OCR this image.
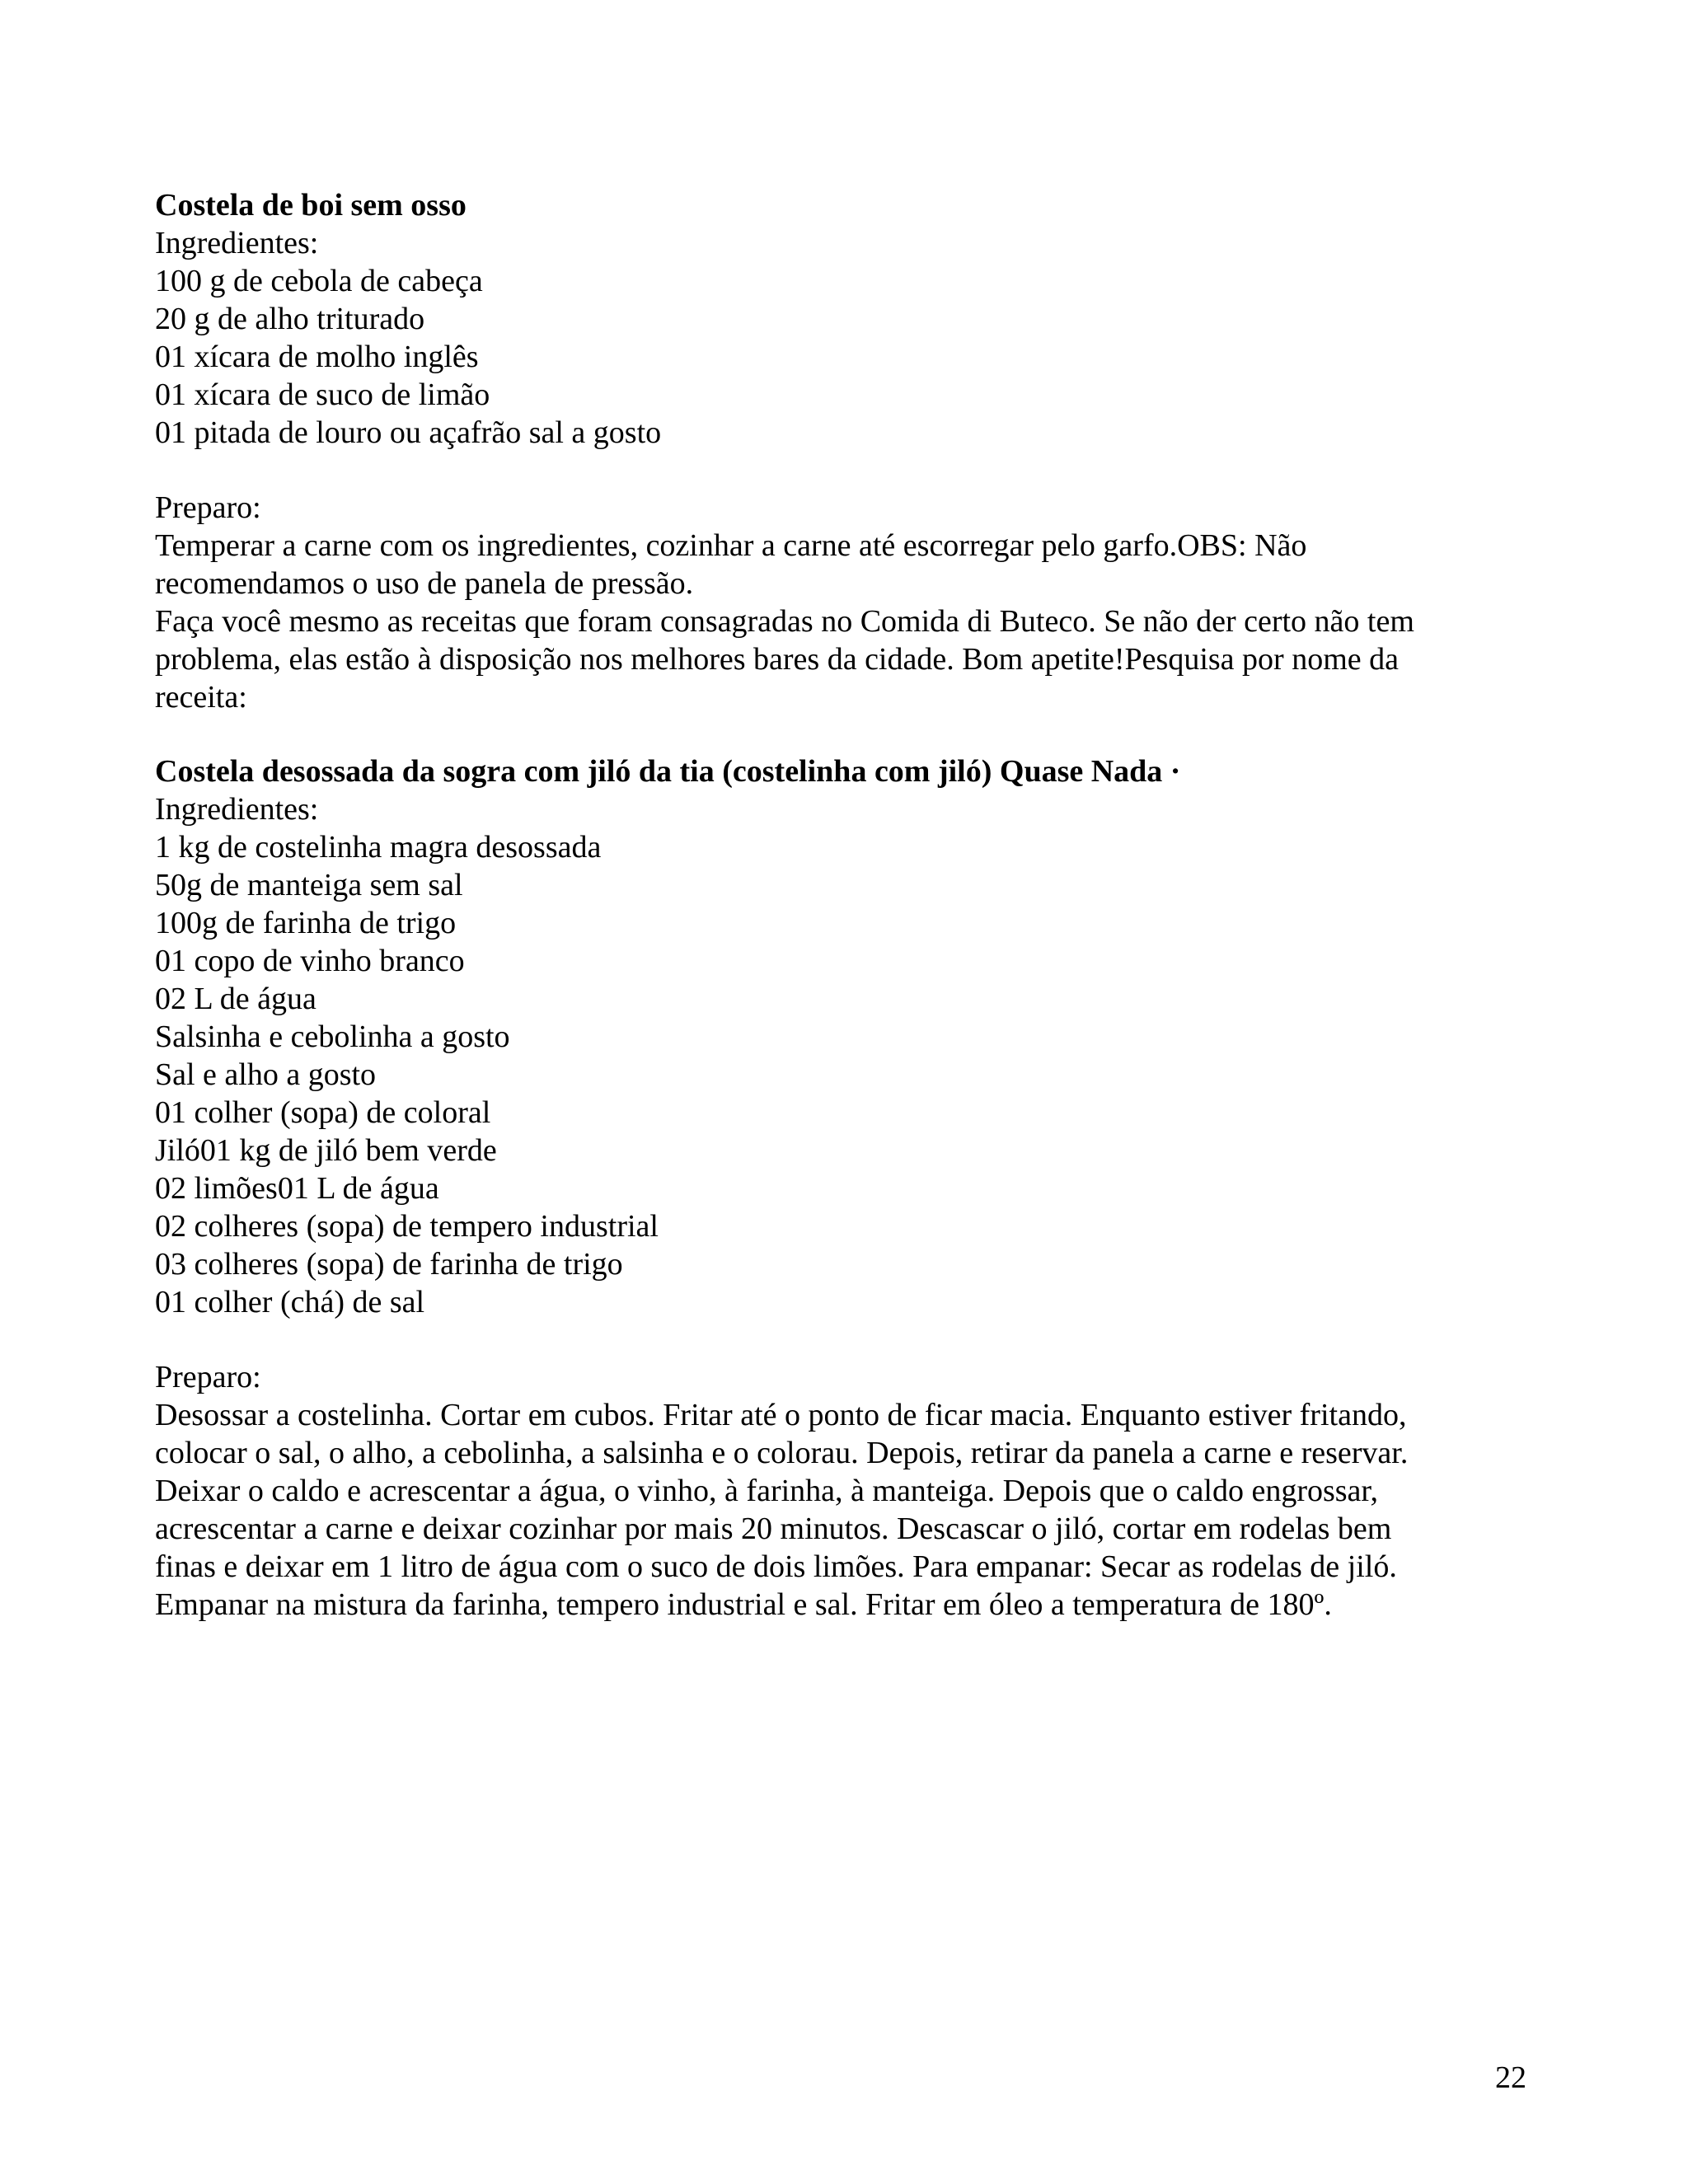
Costela de boi sem osso

Ingredientes:

100 g de cebola de cabeça

20 g de alho triturado

01 xícara de molho inglês

01 xícara de suco de limão

01 pitada de louro ou açafrão sal a gosto

Preparo:

Temperar a carne com os ingredientes, cozinhar a carne até escorregar pelo garfo.OBS: Não

recomendamos o uso de panela de pressão.

Faça você mesmo as receitas que foram consagradas no Comida di Buteco. Se não der certo não tem

problema, elas estão à disposição nos melhores bares da cidade. Bom apetite!Pesquisa por nome da

receita:

Costela desossada da sogra com jiló da tia (costelinha com jiló) Quase Nada ·

Ingredientes:

1 kg de costelinha magra desossada

50g de manteiga sem sal

100g de farinha de trigo

01 copo de vinho branco

02 L de água

Salsinha e cebolinha a gosto

Sal e alho a gosto

01 colher (sopa) de coloral

Jiló01 kg de jiló bem verde

02 limões01 L de água

02 colheres (sopa) de tempero industrial

03 colheres (sopa) de farinha de trigo

01 colher (chá) de sal

Preparo:

Desossar a costelinha. Cortar em cubos. Fritar até o ponto de ficar macia. Enquanto estiver fritando,

colocar o sal, o alho, a cebolinha, a salsinha e o colorau. Depois, retirar da panela a carne e reservar.

Deixar o caldo e acrescentar a água, o vinho, à farinha, à manteiga. Depois que o caldo engrossar,

acrescentar a carne e deixar cozinhar por mais 20 minutos. Descascar o jiló, cortar em rodelas bem

finas e deixar em 1 litro de água com o suco de dois limões. Para empanar: Secar as rodelas de jiló.

Empanar na mistura da farinha, tempero industrial e sal. Fritar em óleo a temperatura de 180º.

22
